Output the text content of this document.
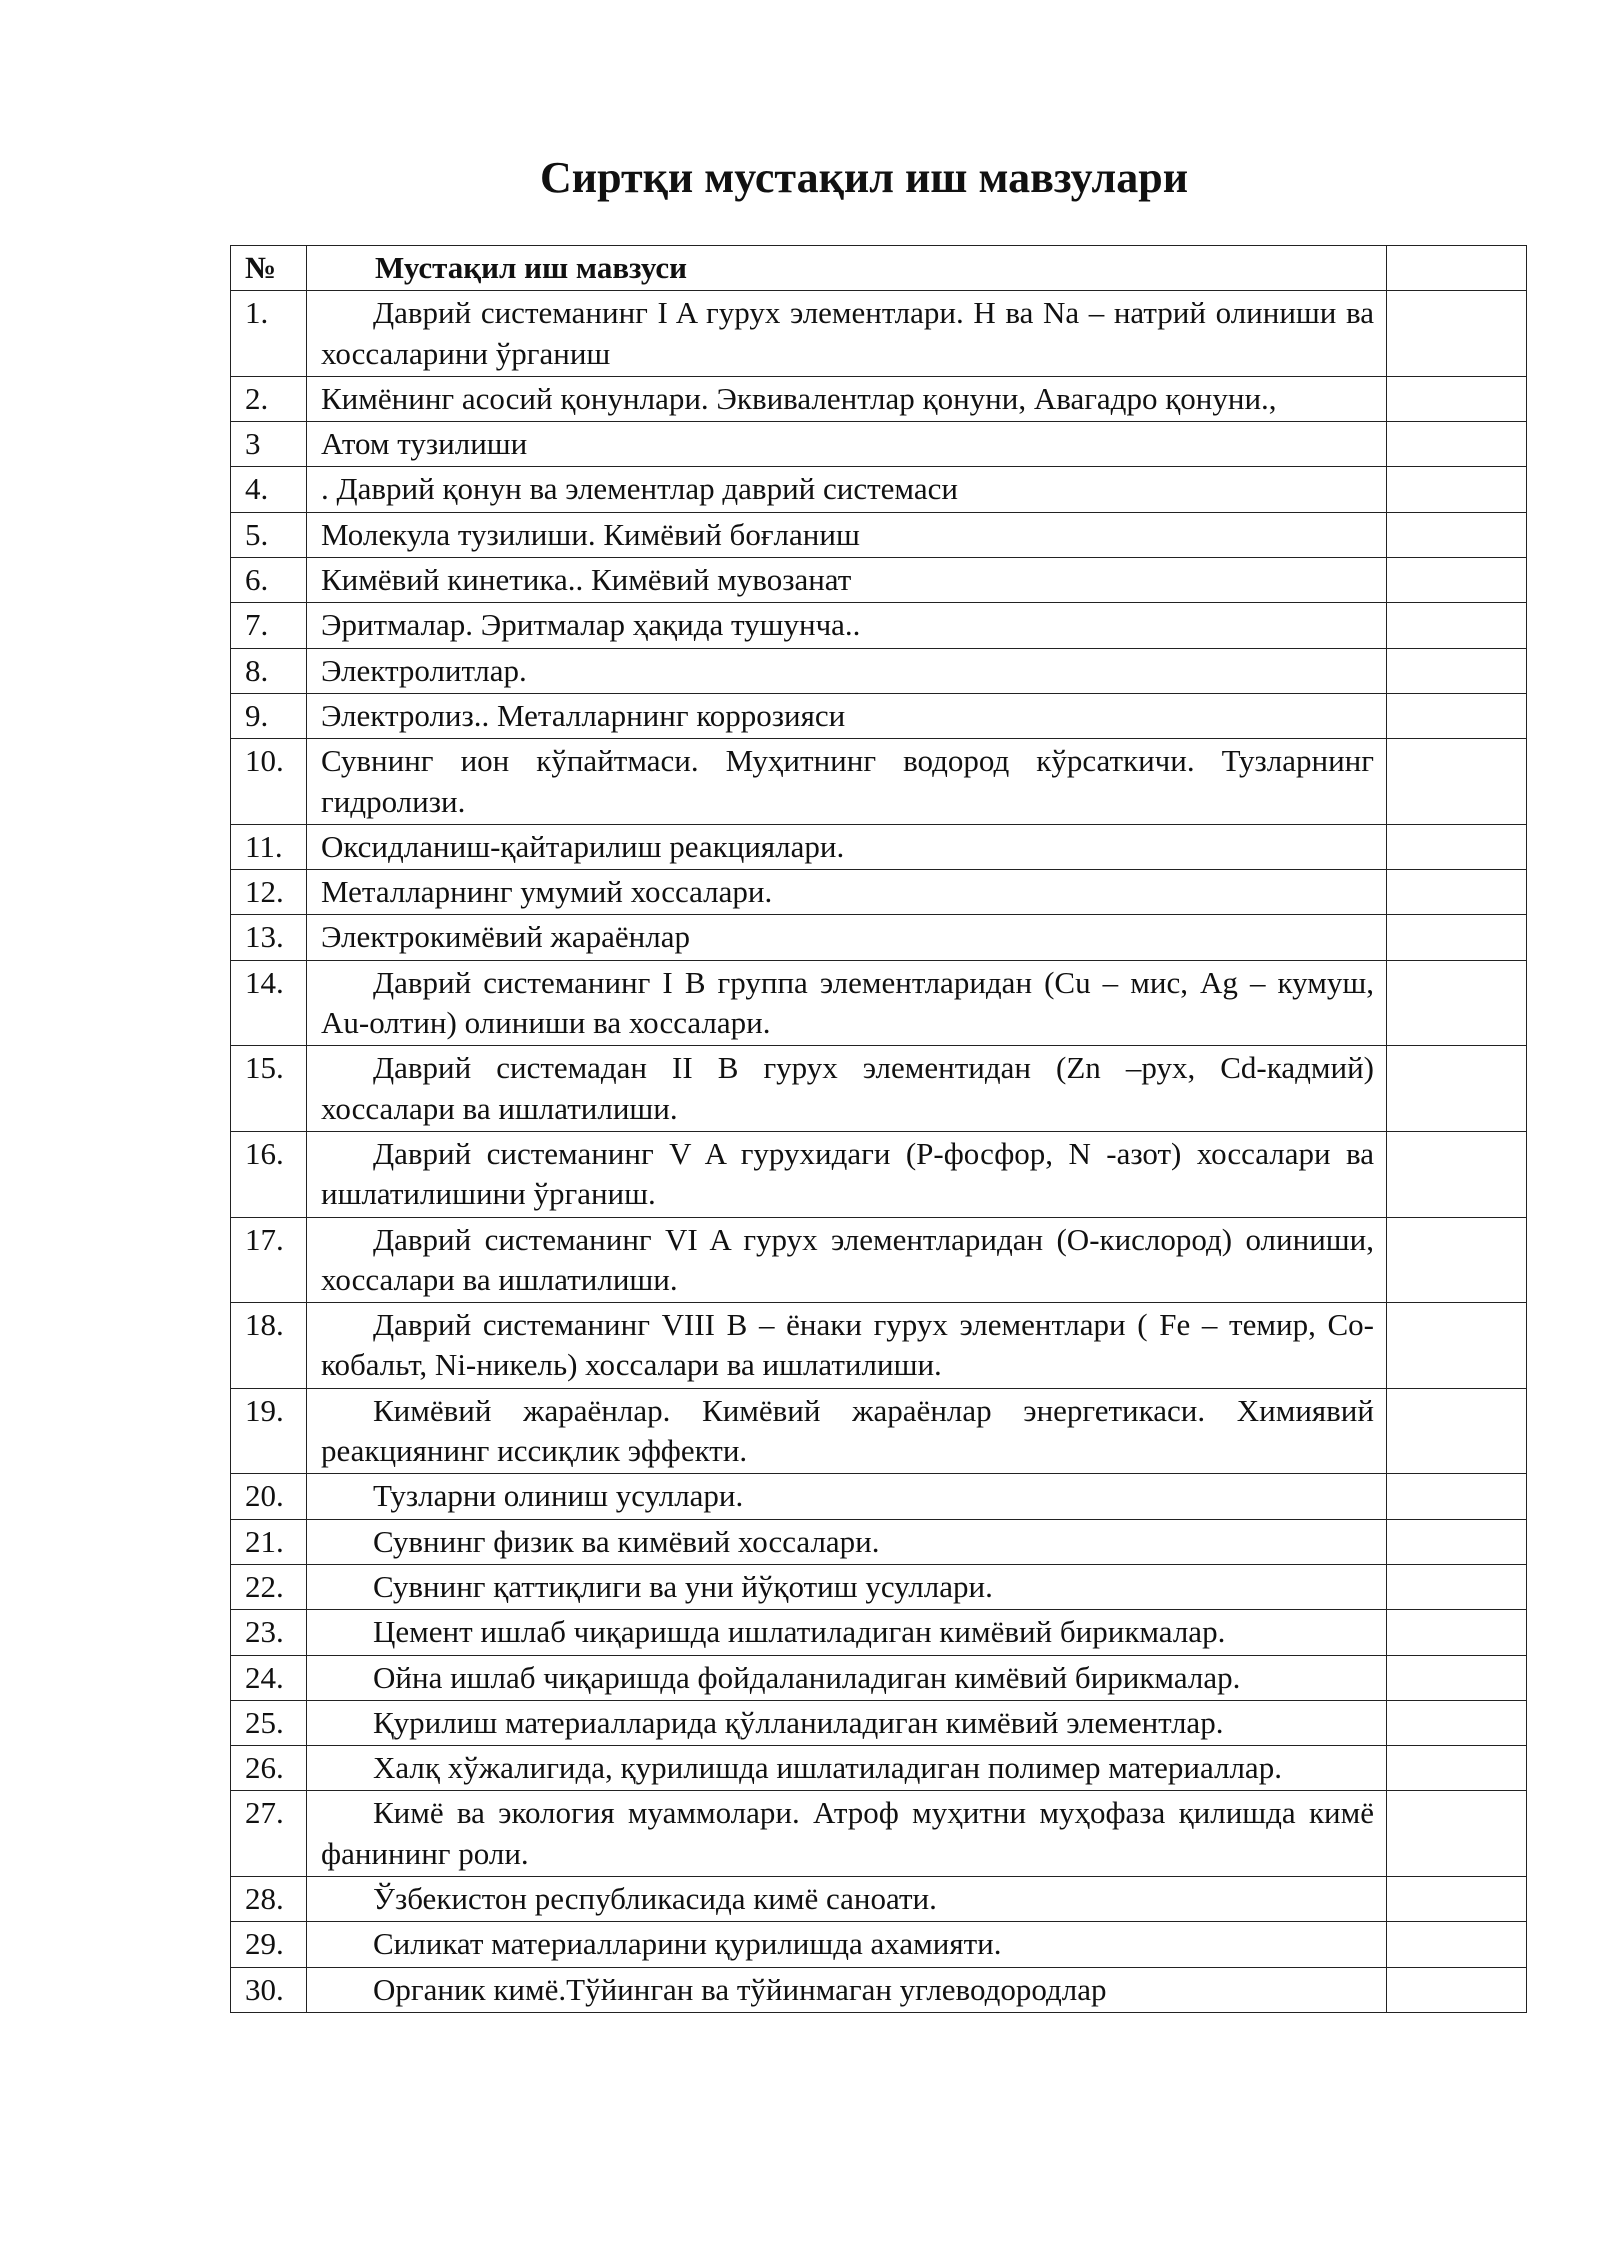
Сиртқи мустақил иш мавзулари
№	Мустақил иш мавзуси	
1.	Даврий системанинг I A гурух элементлари. H ва Na – натрий олиниши ва хоссаларини ўрганиш	
2.	Кимёнинг асосий қонунлари. Эквивалентлар қонуни, Авагадро қонуни.,	
3	Атом тузилиши	
4.	. Даврий қонун ва элементлар даврий системаси	
5.	Молекула тузилиши. Кимёвий боғланиш	
6.	Кимёвий кинетика.. Кимёвий мувозанат	
7.	Эритмалар. Эритмалар ҳақида тушунча..	
8.	Электролитлар.	
9.	Электролиз.. Металларнинг коррозияси	
10.	Сувнинг ион кўпайтмаси. Муҳитнинг водород кўрсаткичи. Тузларнинг гидролизи.	
11.	Оксидланиш-қайтарилиш реакциялари.	
12.	Металларнинг умумий хоссалари.	
13.	Электрокимёвий жараёнлар	
14.	Даврий системанинг I B группа элементларидан (Cu – мис, Ag – кумуш, Au-олтин) олиниши ва хоссалари.	
15.	Даврий системадан II B гурух элементидан (Zn –рух, Cd-кадмий) хоссалари ва ишлатилиши.	
16.	Даврий системанинг V A гурухидаги (P-фосфор, N -азот) хоссалари ва ишлатилишини ўрганиш.	
17.	Даврий системанинг VI A гурух элементларидан (O-кислород) олиниши, хоссалари ва ишлатилиши.	
18.	Даврий системанинг VIII B – ёнаки гурух элементлари ( Fe – темир, Co-кобальт, Ni-никель) хоссалари ва ишлатилиши.	
19.	Кимёвий жараёнлар. Кимёвий жараёнлар энергетикаси. Химиявий реакциянинг иссиқлик эффекти.	
20.	Тузларни олиниш усуллари.	
21.	Сувнинг физик ва кимёвий хоссалари.	
22.	Сувнинг қаттиқлиги ва уни йўқотиш усуллари.	
23.	Цемент ишлаб чиқаришда ишлатиладиган кимёвий бирикмалар.	
24.	Ойна ишлаб чиқаришда фойдаланиладиган кимёвий бирикмалар.	
25.	Қурилиш материалларида қўлланиладиган кимёвий элементлар.	
26.	Халқ хўжалигида, қурилишда ишлатиладиган полимер материаллар.	
27.	Кимё ва экология муаммолари. Атроф муҳитни муҳофаза қилишда кимё фанининг роли.	
28.	Ўзбекистон республикасида кимё саноати.	
29.	Силикат материалларини қурилишда ахамияти.	
30.	Органик кимё.Тўйинган ва тўйинмаган углеводородлар	
